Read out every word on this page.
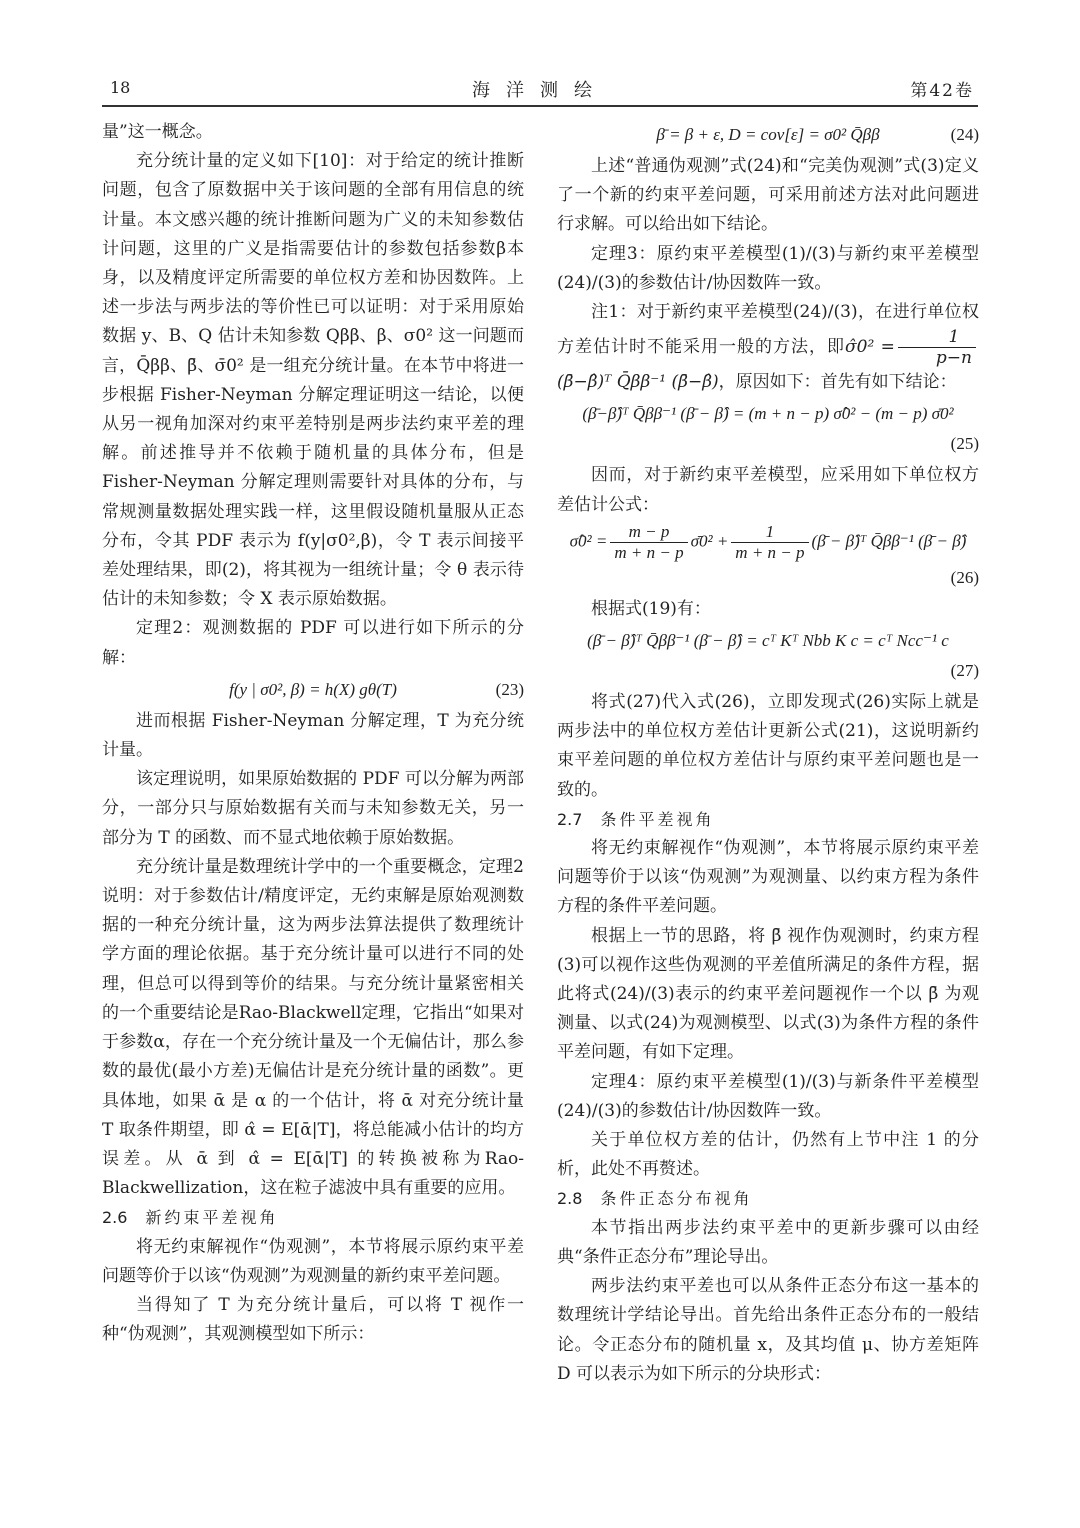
18	海洋测绘	第42卷

量”这一概念。

充分统计量的定义如下[10]：对于给定的统计推断问题，包含了原数据中关于该问题的全部有用信息的统计量。本文感兴趣的统计推断问题为广义的未知参数估计问题，这里的广义是指需要估计的参数包括参数β本身，以及精度评定所需要的单位权方差和协因数阵。上述一步法与两步法的等价性已可以证明：对于采用原始数据 y、B、Q 估计未知参数 Qββ、β、σ0² 这一问题而言，Q̄ββ、β̄、σ̄0² 是一组充分统计量。在本节中将进一步根据 Fisher-Neyman 分解定理证明这一结论，以便从另一视角加深对约束平差特别是两步法约束平差的理解。前述推导并不依赖于随机量的具体分布，但是 Fisher-Neyman 分解定理则需要针对具体的分布，与常规测量数据处理实践一样，这里假设随机量服从正态分布，令其 PDF 表示为 f(y|σ0²,β)，令 T 表示间接平差处理结果，即(2)，将其视为一组统计量；令 θ 表示待估计的未知参数；令 X 表示原始数据。

定理2：观测数据的 PDF 可以进行如下所示的分解：

f(y | σ0², β) = h(X) gθ(T)	(23)

进而根据 Fisher-Neyman 分解定理，T 为充分统计量。

该定理说明，如果原始数据的 PDF 可以分解为两部分，一部分只与原始数据有关而与未知参数无关，另一部分为 T 的函数、而不显式地依赖于原始数据。

充分统计量是数理统计学中的一个重要概念，定理2说明：对于参数估计/精度评定，无约束解是原始观测数据的一种充分统计量，这为两步法算法提供了数理统计学方面的理论依据。基于充分统计量可以进行不同的处理，但总可以得到等价的结果。与充分统计量紧密相关的一个重要结论是Rao-Blackwell定理，它指出“如果对于参数α，存在一个充分统计量及一个无偏估计，那么参数的最优(最小方差)无偏估计是充分统计量的函数”。更具体地，如果 ᾱ 是 α 的一个估计，将 ᾱ 对充分统计量 T 取条件期望，即 α̂ = E[ᾱ|T]，将总能减小估计的均方误差。从 ᾱ 到 α̂ = E[ᾱ|T] 的转换被称为Rao-Blackwellization，这在粒子滤波中具有重要的应用。

2.6 新约束平差视角

将无约束解视作“伪观测”，本节将展示原约束平差问题等价于以该“伪观测”为观测量的新约束平差问题。

当得知了 T 为充分统计量后，可以将 T 视作一种“伪观测”，其观测模型如下所示：

β̄ = β + ε, D = cov[ε] = σ0² Q̄ββ	(24)

上述“普通伪观测”式(24)和“完美伪观测”式(3)定义了一个新的约束平差问题，可采用前述方法对此问题进行求解。可以给出如下结论。

定理3：原约束平差模型(1)/(3)与新约束平差模型(24)/(3)的参数估计/协因数阵一致。

注1：对于新约束平差模型(24)/(3)，在进行单位权方差估计时不能采用一般的方法，即σ̂0² = $\frac{1}{p-n}$
(β̄−β̂)ᵀ Q̄ββ⁻¹ (β̄−β̂)，原因如下：首先有如下结论：

(β̄−β̂)ᵀ Q̄ββ⁻¹ (β̄ − β̂) = (m + n − p) σ̂0² − (m − p) σ̄0²
(25)

因而，对于新约束平差模型，应采用如下单位权方差估计公式：

σ̂0² = $\frac{m - p}{m + n - p}$ σ̄0² + $\frac{1}{m + n - p}$ (β̄ − β̂)ᵀ Q̄ββ⁻¹ (β̄ − β̂)
(26)

根据式(19)有：

(β̄ − β̂)ᵀ Q̄ββ⁻¹ (β̄ − β̂) = cᵀ Kᵀ Nbb K c = cᵀ Ncc⁻¹ c
(27)

将式(27)代入式(26)，立即发现式(26)实际上就是两步法中的单位权方差估计更新公式(21)，这说明新约束平差问题的单位权方差估计与原约束平差问题也是一致的。

2.7 条件平差视角

将无约束解视作“伪观测”，本节将展示原约束平差问题等价于以该“伪观测”为观测量、以约束方程为条件方程的条件平差问题。

根据上一节的思路，将 β̄ 视作伪观测时，约束方程(3)可以视作这些伪观测的平差值所满足的条件方程，据此将式(24)/(3)表示的约束平差问题视作一个以 β̄ 为观测量、以式(24)为观测模型、以式(3)为条件方程的条件平差问题，有如下定理。

定理4：原约束平差模型(1)/(3)与新条件平差模型(24)/(3)的参数估计/协因数阵一致。

关于单位权方差的估计，仍然有上节中注 1 的分析，此处不再赘述。

2.8 条件正态分布视角

本节指出两步法约束平差中的更新步骤可以由经典“条件正态分布”理论导出。

两步法约束平差也可以从条件正态分布这一基本的数理统计学结论导出。首先给出条件正态分布的一般结论。令正态分布的随机量 x，及其均值 μ、协方差矩阵 D 可以表示为如下所示的分块形式：
